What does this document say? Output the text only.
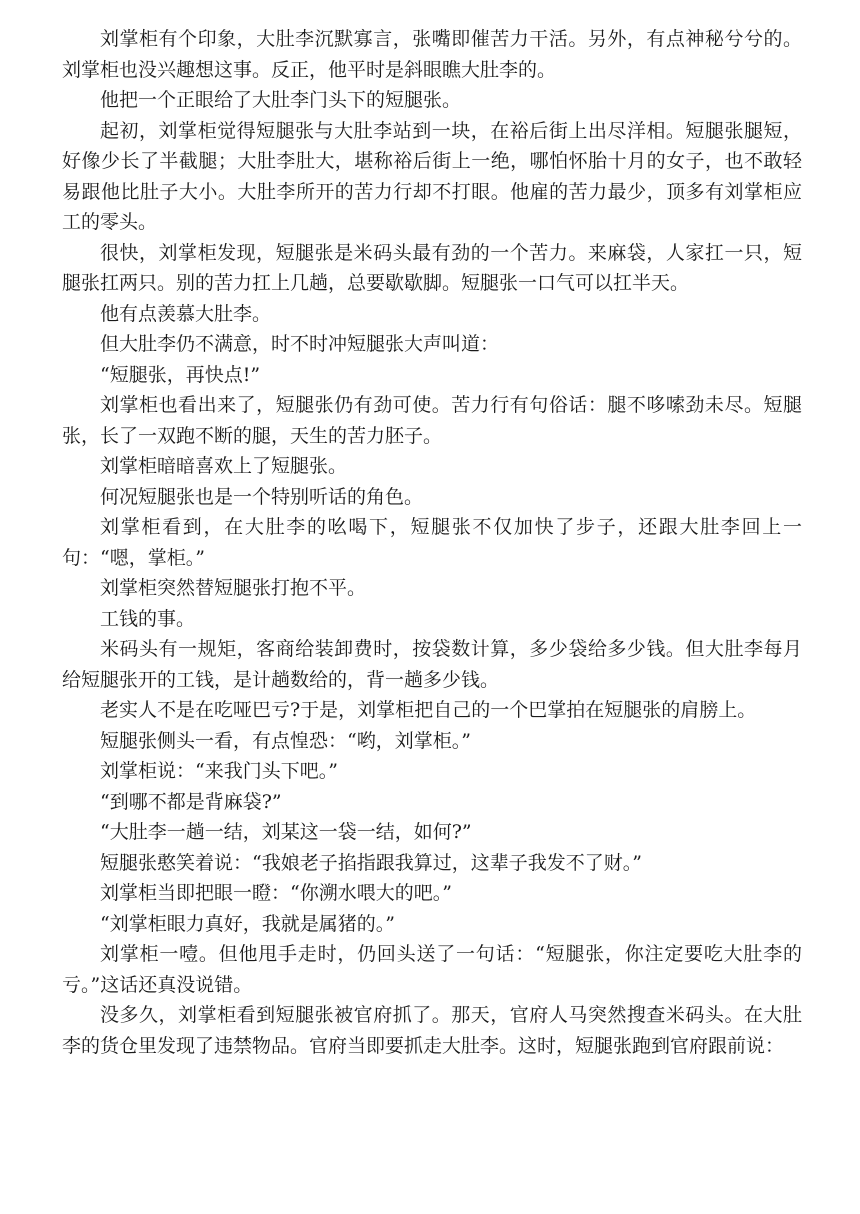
刘掌柜有个印象，大肚李沉默寡言，张嘴即催苦力干活。另外，有点神秘兮兮的。刘掌柜也没兴趣想这事。反正，他平时是斜眼瞧大肚李的。

他把一个正眼给了大肚李门头下的短腿张。

起初，刘掌柜觉得短腿张与大肚李站到一块，在裕后街上出尽洋相。短腿张腿短，好像少长了半截腿；大肚李肚大，堪称裕后街上一绝，哪怕怀胎十月的女子，也不敢轻易跟他比肚子大小。大肚李所开的苦力行却不打眼。他雇的苦力最少，顶多有刘掌柜应工的零头。

很快，刘掌柜发现，短腿张是米码头最有劲的一个苦力。来麻袋，人家扛一只，短腿张扛两只。别的苦力扛上几趟，总要歇歇脚。短腿张一口气可以扛半天。

他有点羡慕大肚李。

但大肚李仍不满意，时不时冲短腿张大声叫道：

“短腿张，再快点!”

刘掌柜也看出来了，短腿张仍有劲可使。苦力行有句俗话：腿不哆嗦劲未尽。短腿张，长了一双跑不断的腿，天生的苦力胚子。

刘掌柜暗暗喜欢上了短腿张。

何况短腿张也是一个特别听话的角色。

刘掌柜看到，在大肚李的吆喝下，短腿张不仅加快了步子，还跟大肚李回上一句：“嗯，掌柜。”

刘掌柜突然替短腿张打抱不平。

工钱的事。

米码头有一规矩，客商给装卸费时，按袋数计算，多少袋给多少钱。但大肚李每月给短腿张开的工钱，是计趟数给的，背一趟多少钱。

老实人不是在吃哑巴亏?于是，刘掌柜把自己的一个巴掌拍在短腿张的肩膀上。

短腿张侧头一看，有点惶恐：“哟，刘掌柜。”

刘掌柜说：“来我门头下吧。”

“到哪不都是背麻袋?”

“大肚李一趟一结，刘某这一袋一结，如何?”

短腿张憨笑着说：“我娘老子掐指跟我算过，这辈子我发不了财。”

刘掌柜当即把眼一瞪：“你溯水喂大的吧。”

“刘掌柜眼力真好，我就是属猪的。”

刘掌柜一噎。但他甩手走时，仍回头送了一句话：“短腿张，你注定要吃大肚李的亏。”这话还真没说错。

没多久，刘掌柜看到短腿张被官府抓了。那天，官府人马突然搜查米码头。在大肚李的货仓里发现了违禁物品。官府当即要抓走大肚李。这时，短腿张跑到官府跟前说：
